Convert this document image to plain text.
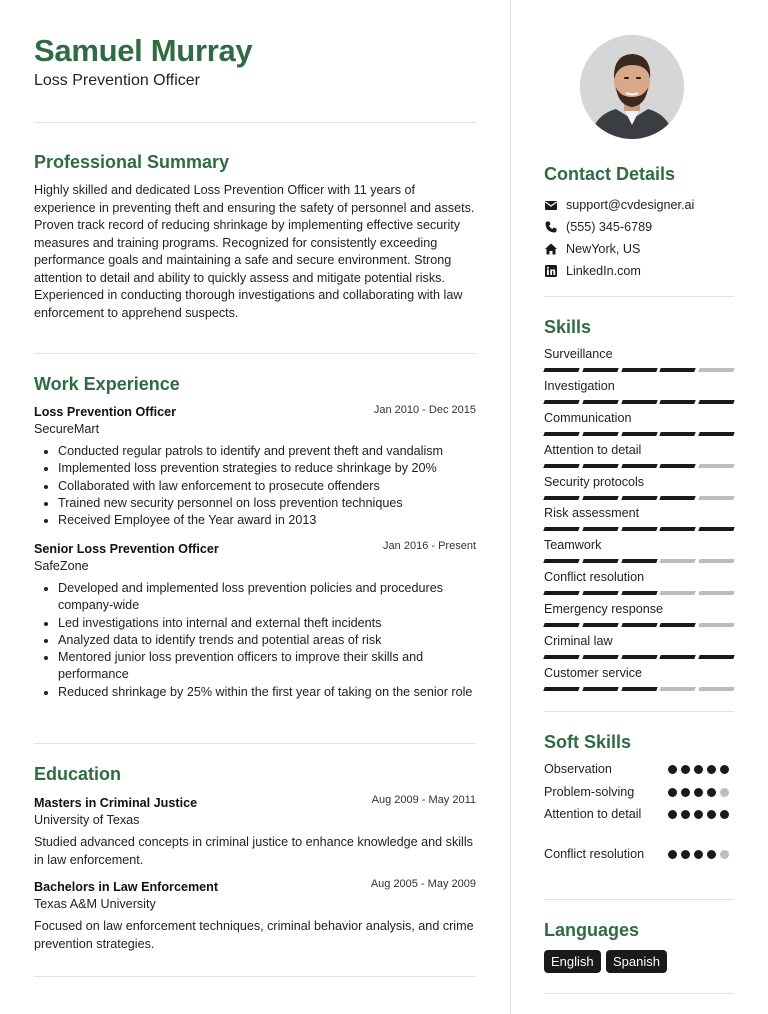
Samuel Murray
Loss Prevention Officer
Professional Summary
Highly skilled and dedicated Loss Prevention Officer with 11 years of experience in preventing theft and ensuring the safety of personnel and assets. Proven track record of reducing shrinkage by implementing effective security measures and training programs. Recognized for consistently exceeding performance goals and maintaining a safe and secure environment. Strong attention to detail and ability to quickly assess and mitigate potential risks. Experienced in conducting thorough investigations and collaborating with law enforcement to apprehend suspects.
Work Experience
Loss Prevention Officer	Jan 2010 - Dec 2015
SecureMart
Conducted regular patrols to identify and prevent theft and vandalism
Implemented loss prevention strategies to reduce shrinkage by 20%
Collaborated with law enforcement to prosecute offenders
Trained new security personnel on loss prevention techniques
Received Employee of the Year award in 2013
Senior Loss Prevention Officer	Jan 2016 - Present
SafeZone
Developed and implemented loss prevention policies and procedures company-wide
Led investigations into internal and external theft incidents
Analyzed data to identify trends and potential areas of risk
Mentored junior loss prevention officers to improve their skills and performance
Reduced shrinkage by 25% within the first year of taking on the senior role
Education
Masters in Criminal Justice	Aug 2009 - May 2011
University of Texas
Studied advanced concepts in criminal justice to enhance knowledge and skills in law enforcement.
Bachelors in Law Enforcement	Aug 2005 - May 2009
Texas A&M University
Focused on law enforcement techniques, criminal behavior analysis, and crime prevention strategies.
Contact Details
support@cvdesigner.ai
(555) 345-6789
NewYork, US
LinkedIn.com
Skills
Surveillance
Investigation
Communication
Attention to detail
Security protocols
Risk assessment
Teamwork
Conflict resolution
Emergency response
Criminal law
Customer service
Soft Skills
Observation
Problem-solving
Attention to detail
Conflict resolution
Languages
English	Spanish
